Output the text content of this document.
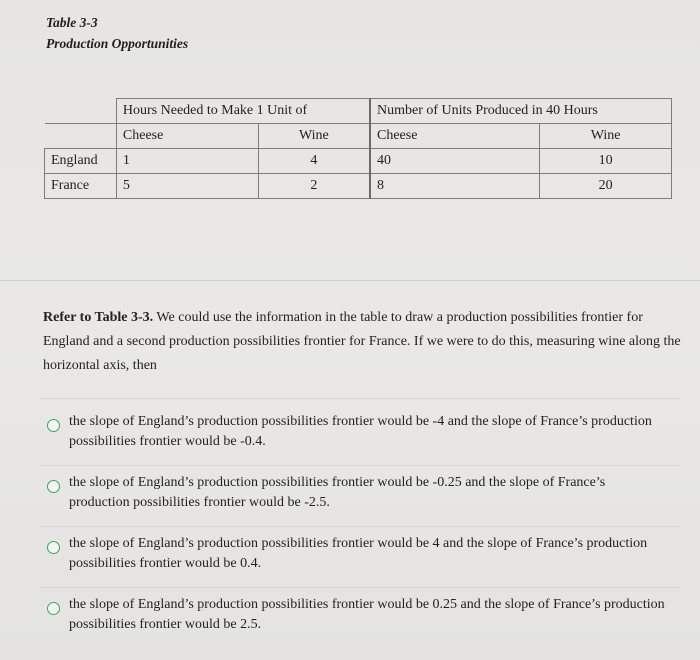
Table 3-3
Production Opportunities
	Hours Needed to Make 1 Unit of		Number of Units Produced in 40 Hours	
	Cheese	Wine	Cheese	Wine
England	1	4	40	10
France	5	2	8	20
Refer to Table 3-3. We could use the information in the table to draw a production possibilities frontier for England and a second production possibilities frontier for France. If we were to do this, measuring wine along the horizontal axis, then
the slope of England’s production possibilities frontier would be -4 and the slope of France’s production possibilities frontier would be -0.4.
the slope of England’s production possibilities frontier would be -0.25 and the slope of France’s production possibilities frontier would be -2.5.
the slope of England’s production possibilities frontier would be 4 and the slope of France’s production possibilities frontier would be 0.4.
the slope of England’s production possibilities frontier would be 0.25 and the slope of France’s production possibilities frontier would be 2.5.
